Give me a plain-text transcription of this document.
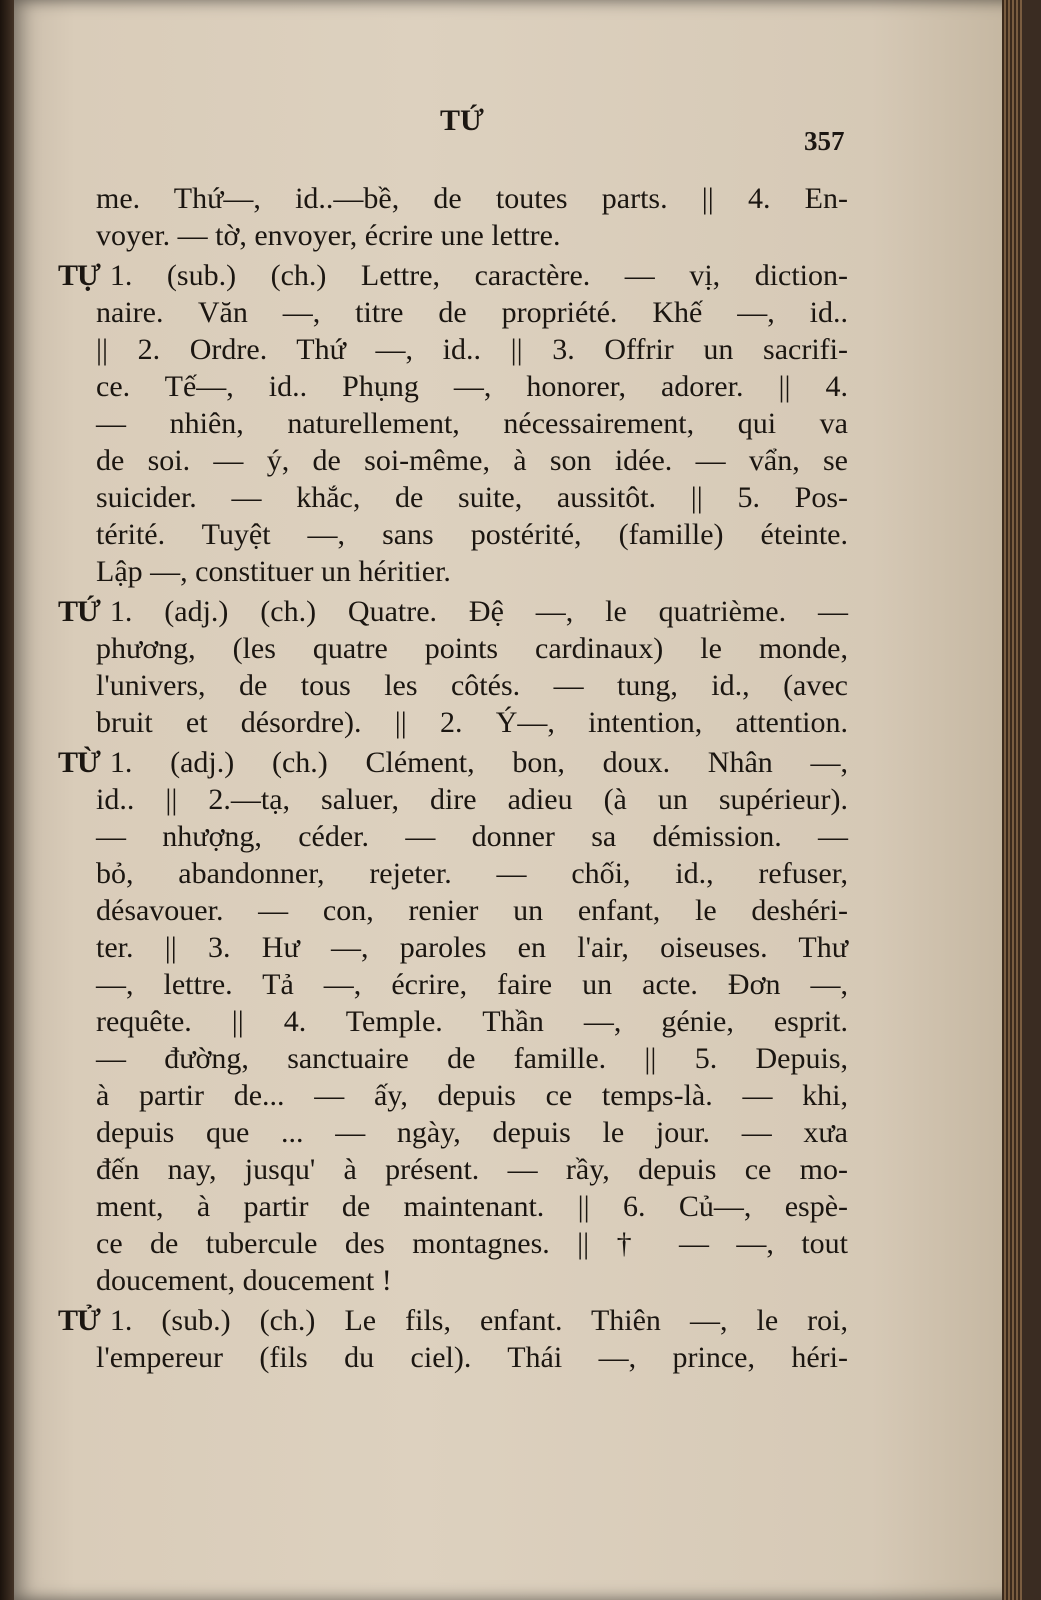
TỨ
357
me. Thứ—, id..—bề, de toutes parts. || 4. En-
voyer. — tờ, envoyer, écrire une lettre.
TỰ 1. (sub.) (ch.) Lettre, caractère. — vị, diction-
naire. Văn —, titre de propriété. Khế —, id..
|| 2. Ordre. Thứ —, id.. || 3. Offrir un sacrifi-
ce. Tế—, id.. Phụng —, honorer, adorer. || 4.
— nhiên, naturellement, nécessairement, qui va
de soi. — ý, de soi-même, à son idée. — vẩn, se
suicider. — khắc, de suite, aussitôt. || 5. Pos-
térité. Tuyệt —, sans postérité, (famille) éteinte.
Lập —, constituer un héritier.
TỨ 1. (adj.) (ch.) Quatre. Đệ —, le quatrième. —
phương, (les quatre points cardinaux) le monde,
l'univers, de tous les côtés. — tung, id., (avec
bruit et désordre). || 2. Ý—, intention, attention.
TỪ 1. (adj.) (ch.) Clément, bon, doux. Nhân —,
id.. || 2.—tạ, saluer, dire adieu (à un supérieur).
— nhượng, céder. — donner sa démission. —
bỏ, abandonner, rejeter. — chối, id., refuser,
désavouer. — con, renier un enfant, le deshéri-
ter. || 3. Hư —, paroles en l'air, oiseuses. Thư
—, lettre. Tả —, écrire, faire un acte. Đơn —,
requête. || 4. Temple. Thần —, génie, esprit.
— đường, sanctuaire de famille. || 5. Depuis,
à partir de... — ấy, depuis ce temps-là. — khi,
depuis que ... — ngày, depuis le jour. — xưa
đến nay, jusqu' à présent. — rầy, depuis ce mo-
ment, à partir de maintenant. || 6. Củ—, espè-
ce de tubercule des montagnes. || † — —, tout
doucement, doucement !
TỬ 1. (sub.) (ch.) Le fils, enfant. Thiên —, le roi,
l'empereur (fils du ciel). Thái —, prince, héri-
